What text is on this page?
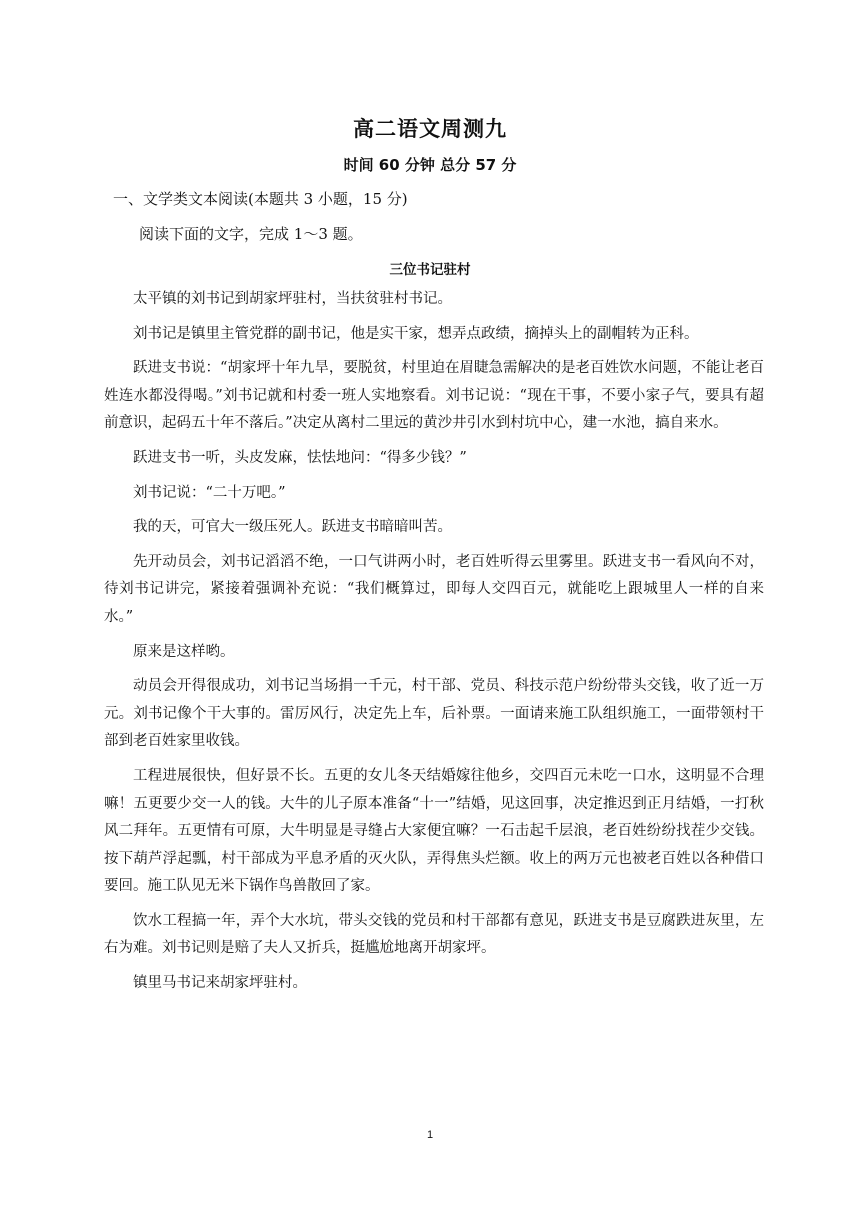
高二语文周测九
时间 60 分钟 总分 57 分
一、文学类文本阅读(本题共 3 小题，15 分)
阅读下面的文字，完成 1～3 题。
三位书记驻村

太平镇的刘书记到胡家坪驻村，当扶贫驻村书记。

刘书记是镇里主管党群的副书记，他是实干家，想弄点政绩，摘掉头上的副帽转为正科。

跃进支书说：“胡家坪十年九旱，要脱贫，村里迫在眉睫急需解决的是老百姓饮水问题，不能让老百姓连水都没得喝。”刘书记就和村委一班人实地察看。刘书记说：“现在干事，不要小家子气，要具有超前意识，起码五十年不落后。”决定从离村二里远的黄沙井引水到村坑中心，建一水池，搞自来水。

跃进支书一听，头皮发麻，怯怯地问：“得多少钱？”

刘书记说：“二十万吧。”

我的天，可官大一级压死人。跃进支书暗暗叫苦。

先开动员会，刘书记滔滔不绝，一口气讲两小时，老百姓听得云里雾里。跃进支书一看风向不对，待刘书记讲完，紧接着强调补充说：“我们概算过，即每人交四百元，就能吃上跟城里人一样的自来水。”

原来是这样哟。

动员会开得很成功，刘书记当场捐一千元，村干部、党员、科技示范户纷纷带头交钱，收了近一万元。刘书记像个干大事的。雷厉风行，决定先上车，后补票。一面请来施工队组织施工，一面带领村干部到老百姓家里收钱。

工程进展很快，但好景不长。五更的女儿冬天结婚嫁往他乡，交四百元未吃一口水，这明显不合理嘛！五更要少交一人的钱。大牛的儿子原本准备“十一”结婚，见这回事，决定推迟到正月结婚，一打秋风二拜年。五更情有可原，大牛明显是寻缝占大家便宜嘛？一石击起千层浪，老百姓纷纷找茬少交钱。按下葫芦浮起瓢，村干部成为平息矛盾的灭火队，弄得焦头烂额。收上的两万元也被老百姓以各种借口要回。施工队见无米下锅作鸟兽散回了家。

饮水工程搞一年，弄个大水坑，带头交钱的党员和村干部都有意见，跃进支书是豆腐跌进灰里，左右为难。刘书记则是赔了夫人又折兵，挺尴尬地离开胡家坪。

镇里马书记来胡家坪驻村。

1
